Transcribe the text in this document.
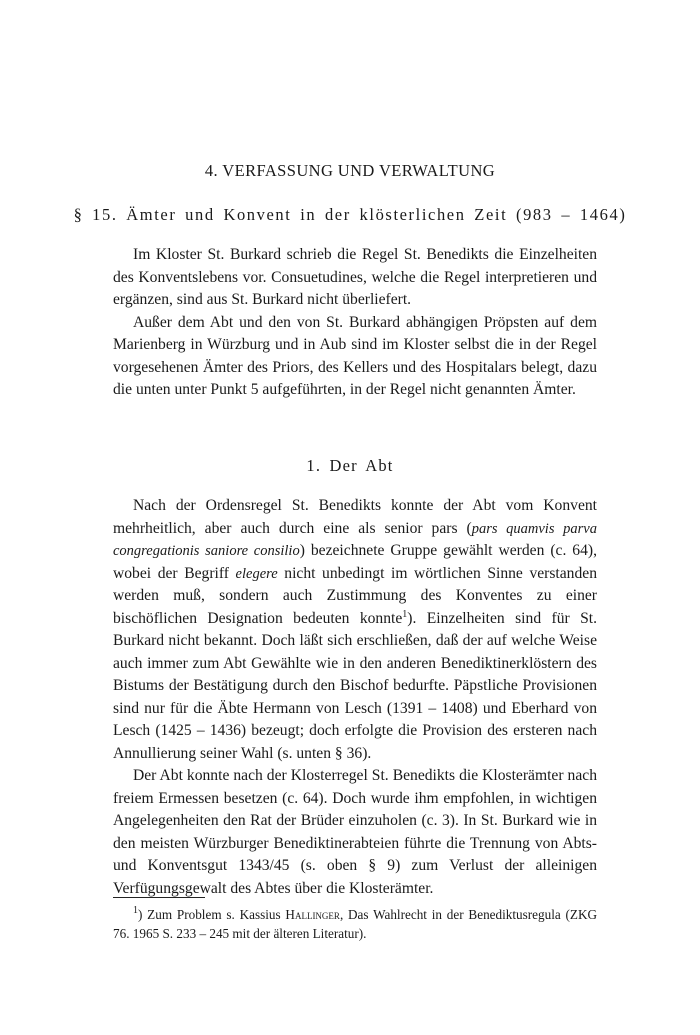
4. VERFASSUNG UND VERWALTUNG
§ 15. Ämter und Konvent in der klösterlichen Zeit (983 – 1464)

Im Kloster St. Burkard schrieb die Regel St. Benedikts die Einzelheiten des Konventslebens vor. Consuetudines, welche die Regel interpretieren und ergänzen, sind aus St. Burkard nicht überliefert.

Außer dem Abt und den von St. Burkard abhängigen Pröpsten auf dem Marienberg in Würzburg und in Aub sind im Kloster selbst die in der Regel vorgesehenen Ämter des Priors, des Kellers und des Hospitalars belegt, dazu die unten unter Punkt 5 aufgeführten, in der Regel nicht genannten Ämter.

1. Der Abt

Nach der Ordensregel St. Benedikts konnte der Abt vom Konvent mehrheitlich, aber auch durch eine als senior pars (pars quamvis parva congregationis saniore consilio) bezeichnete Gruppe gewählt werden (c. 64), wobei der Begriff elegere nicht unbedingt im wörtlichen Sinne verstanden werden muß, sondern auch Zustimmung des Konventes zu einer bischöflichen Designation bedeuten konnte$^1$). Einzelheiten sind für St. Burkard nicht bekannt. Doch läßt sich erschließen, daß der auf welche Weise auch immer zum Abt Gewählte wie in den anderen Benediktinerklöstern des Bistums der Bestätigung durch den Bischof bedurfte. Päpstliche Provisionen sind nur für die Äbte Hermann von Lesch (1391 – 1408) und Eberhard von Lesch (1425 – 1436) bezeugt; doch erfolgte die Provision des ersteren nach Annullierung seiner Wahl (s. unten § 36).

Der Abt konnte nach der Klosterregel St. Benedikts die Klosterämter nach freiem Ermessen besetzen (c. 64). Doch wurde ihm empfohlen, in wichtigen Angelegenheiten den Rat der Brüder einzuholen (c. 3). In St. Burkard wie in den meisten Würzburger Benediktinerabteien führte die Trennung von Abts- und Konventsgut 1343/45 (s. oben § 9) zum Verlust der alleinigen Verfügungsgewalt des Abtes über die Klosterämter.

$^1$) Zum Problem s. Kassius Hallinger, Das Wahlrecht in der Benediktusregula (ZKG 76. 1965 S. 233 – 245 mit der älteren Literatur).
